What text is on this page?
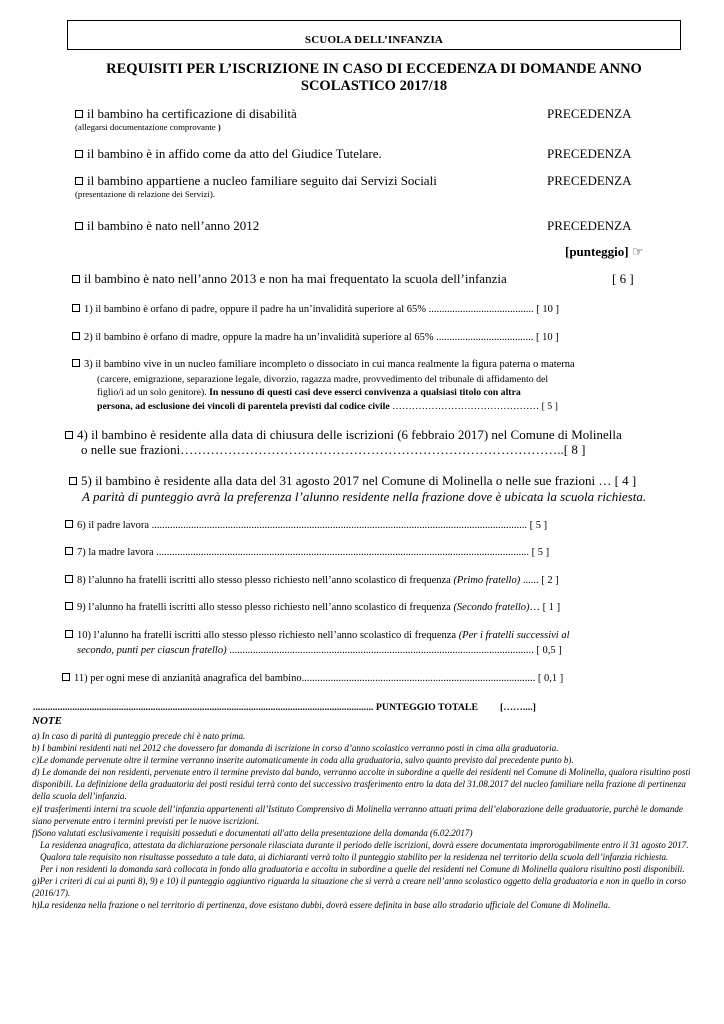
SCUOLA DELL’INFANZIA
REQUISITI PER L’ISCRIZIONE IN CASO DI ECCEDENZA DI DOMANDE ANNO
SCOLASTICO 2017/18
il bambino ha certificazione di disabilità
(allegarsi documentazione comprovante )
PRECEDENZA
il bambino è in affido come da atto del Giudice Tutelare.	PRECEDENZA
il bambino appartiene a nucleo familiare seguito dai Servizi Sociali
(presentazione di relazione dei Servizi).
PRECEDENZA
il bambino è nato nell’anno 2012	PRECEDENZA
[punteggio] ☞
il bambino è nato nell’anno 2013 e non ha mai frequentato la scuola dell’infanzia	[ 6 ]
1) il bambino è orfano di padre, oppure il padre ha un’invalidità superiore al 65% ........................................ [ 10 ]
2) il bambino è orfano di madre, oppure la madre ha un’invalidità superiore al 65% ..................................... [ 10 ]
3) il bambino vive in un nucleo familiare incompleto o dissociato in cui manca realmente la figura paterna o materna
(carcere, emigrazione, separazione legale, divorzio, ragazza madre, provvedimento del tribunale di affidamento del
figlio/i ad un solo genitore). In nessuno di questi casi deve esserci convivenza a qualsiasi titolo con altra
persona, ad esclusione dei vincoli di parentela previsti dal codice civile ……………………………………… [ 5 ]
4) il bambino è residente alla data di chiusura delle iscrizioni (6 febbraio 2017) nel Comune di Molinella
o nelle sue frazioni……………………………………………………………………………..[ 8 ]
5) il bambino è residente alla data del 31 agosto 2017 nel Comune di Molinella o nelle sue frazioni … [ 4 ]
A parità di punteggio avrà la preferenza l’alunno residente nella frazione dove è ubicata la scuola richiesta.
6) il padre lavora ............................................................................................................................................... [ 5 ]
7) la madre lavora .............................................................................................................................................. [ 5 ]
8) l’alunno ha fratelli iscritti allo stesso plesso richiesto nell’anno scolastico di frequenza (Primo fratello) ...... [ 2 ]
9) l’alunno ha fratelli iscritti allo stesso plesso richiesto nell’anno scolastico di frequenza (Secondo fratello)… [ 1 ]
10) l’alunno ha fratelli iscritti allo stesso plesso richiesto nell’anno scolastico di frequenza (Per i fratelli successivi al
secondo, punti per ciascun fratello) .................................................................................................................... [ 0,5 ]
11) per ogni mese di anzianità anagrafica del bambino......................................................................................... [ 0,1 ]
........................................................................................................................................... PUNTEGGIO TOTALE [……....]
NOTE
a) In caso di parità di punteggio precede chi è nato prima.
b) I bambini residenti nati nel 2012 che dovessero far domanda di iscrizione in corso d’anno scolastico verranno posti in cima alla graduatoria.
c)Le domande pervenute oltre il termine verranno inserite automaticamente in coda alla graduatoria, salvo quanto previsto dal precedente punto b).
d) Le domande dei non residenti, pervenute entro il termine previsto dal bando, verranno accolte in subordine a quelle dei residenti nel Comune di Molinella, qualora risultino posti disponibili. La definizione della graduatoria dei posti residui terrà conto del successivo trasferimento entro la data del 31.08.2017 del nucleo familiare nella frazione di pertinenza della scuola dell’infanzia.
e)I trasferimenti interni tra scuole dell’infanzia appartenenti all’Istituto Comprensivo di Molinella verranno attuati prima dell’elaborazione delle graduatorie, purchè le domande siano pervenute entro i termini previsti per le nuove iscrizioni.
f)Sono valutati esclusivamente i requisiti posseduti e documentati all'atto della presentazione della domanda (6.02.2017)
La residenza anagrafica, attestata da dichiarazione personale rilasciata durante il periodo delle iscrizioni, dovrà essere documentata improrogabilmente entro il 31 agosto 2017. Qualora tale requisito non risultasse posseduto a tale data, ai dichiaranti verrà tolto il punteggio stabilito per la residenza nel territorio della scuola dell’infanzia richiesta.
Per i non residenti la domanda sarà collocata in fondo alla graduatoria e accolta in subordine a quelle dei residenti nel Comune di Molinella qualora risultino posti disponibili.
g)Per i criteri di cui ai punti 8), 9) e 10) il punteggio aggiuntivo riguarda la situazione che si verrà a creare nell’anno scolastico oggetto della graduatoria e non in quello in corso (2016/17).
h)La residenza nella frazione o nel territorio di pertinenza, dove esistano dubbi, dovrà essere definita in base allo stradario ufficiale del Comune di Molinella.
